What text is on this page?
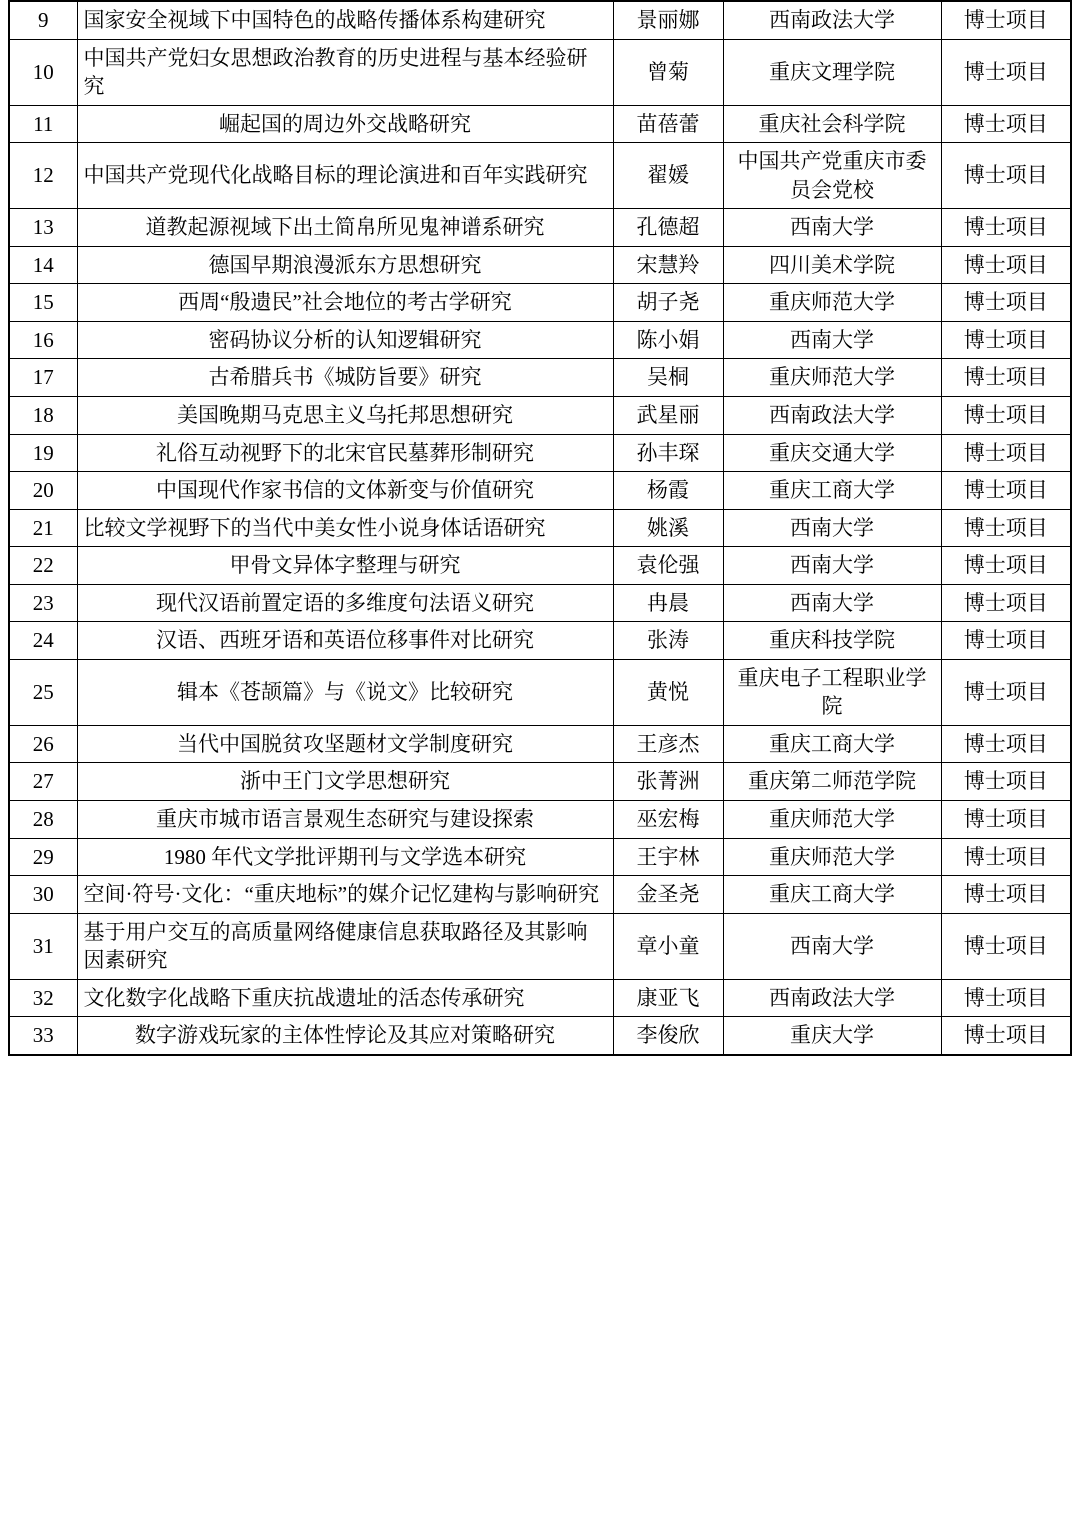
9	国家安全视域下中国特色的战略传播体系构建研究	景丽娜	西南政法大学	博士项目
10	中国共产党妇女思想政治教育的历史进程与基本经验研究	曾菊	重庆文理学院	博士项目
11	崛起国的周边外交战略研究	苗蓓蕾	重庆社会科学院	博士项目
12	中国共产党现代化战略目标的理论演进和百年实践研究	翟媛	中国共产党重庆市委员会党校	博士项目
13	道教起源视域下出土简帛所见鬼神谱系研究	孔德超	西南大学	博士项目
14	德国早期浪漫派东方思想研究	宋慧羚	四川美术学院	博士项目
15	西周“殷遗民”社会地位的考古学研究	胡子尧	重庆师范大学	博士项目
16	密码协议分析的认知逻辑研究	陈小娟	西南大学	博士项目
17	古希腊兵书《城防旨要》研究	吴桐	重庆师范大学	博士项目
18	美国晚期马克思主义乌托邦思想研究	武星丽	西南政法大学	博士项目
19	礼俗互动视野下的北宋官民墓葬形制研究	孙丰琛	重庆交通大学	博士项目
20	中国现代作家书信的文体新变与价值研究	杨霞	重庆工商大学	博士项目
21	比较文学视野下的当代中美女性小说身体话语研究	姚溪	西南大学	博士项目
22	甲骨文异体字整理与研究	袁伦强	西南大学	博士项目
23	现代汉语前置定语的多维度句法语义研究	冉晨	西南大学	博士项目
24	汉语、西班牙语和英语位移事件对比研究	张涛	重庆科技学院	博士项目
25	辑本《苍颉篇》与《说文》比较研究	黄悦	重庆电子工程职业学院	博士项目
26	当代中国脱贫攻坚题材文学制度研究	王彦杰	重庆工商大学	博士项目
27	浙中王门文学思想研究	张菁洲	重庆第二师范学院	博士项目
28	重庆市城市语言景观生态研究与建设探索	巫宏梅	重庆师范大学	博士项目
29	1980 年代文学批评期刊与文学选本研究	王宇林	重庆师范大学	博士项目
30	空间·符号·文化：“重庆地标”的媒介记忆建构与影响研究	金圣尧	重庆工商大学	博士项目
31	基于用户交互的高质量网络健康信息获取路径及其影响因素研究	章小童	西南大学	博士项目
32	文化数字化战略下重庆抗战遗址的活态传承研究	康亚飞	西南政法大学	博士项目
33	数字游戏玩家的主体性悖论及其应对策略研究	李俊欣	重庆大学	博士项目
